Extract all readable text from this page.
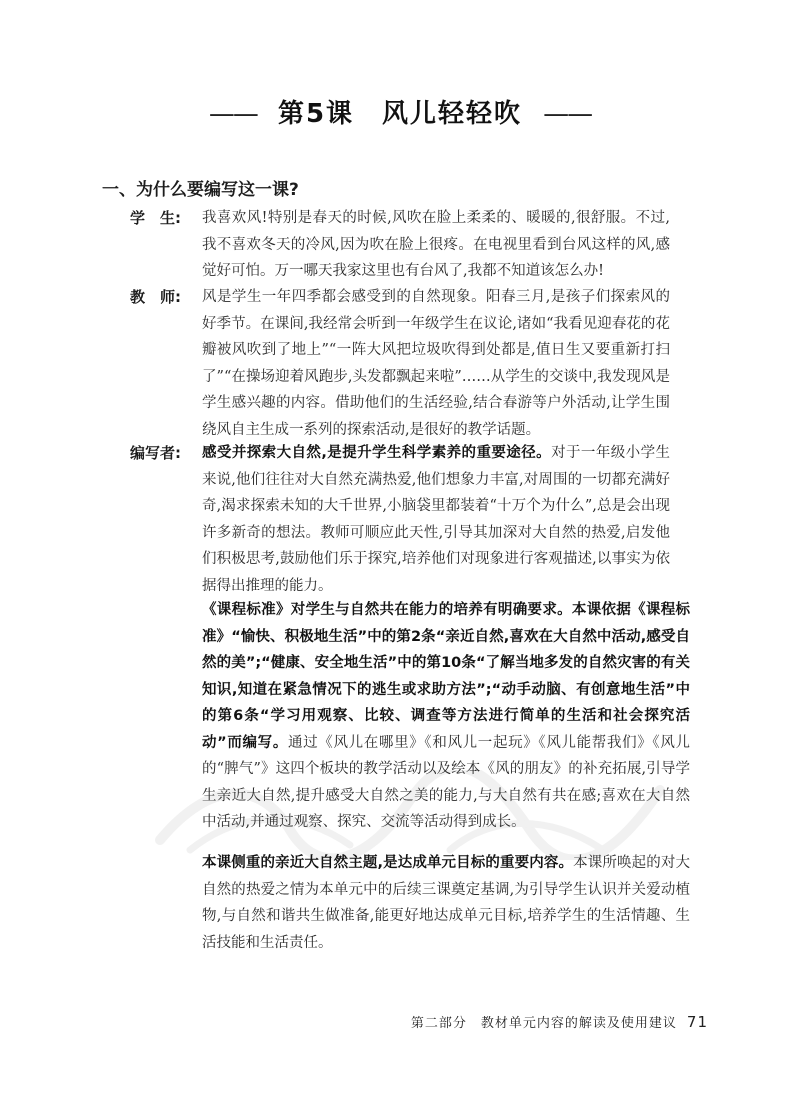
—— 第5课　风儿轻轻吹 ——
一、为什么要编写这一课?
学　生:	我喜欢风!特别是春天的时候,风吹在脸上柔柔的、暖暖的,很舒服。不过,我不喜欢冬天的冷风,因为吹在脸上很疼。在电视里看到台风这样的风,感觉好可怕。万一哪天我家这里也有台风了,我都不知道该怎么办!
教　师:	风是学生一年四季都会感受到的自然现象。阳春三月,是孩子们探索风的好季节。在课间,我经常会听到一年级学生在议论,诸如“我看见迎春花的花瓣被风吹到了地上”“一阵大风把垃圾吹得到处都是,值日生又要重新打扫了”“在操场迎着风跑步,头发都飘起来啦”……从学生的交谈中,我发现风是学生感兴趣的内容。借助他们的生活经验,结合春游等户外活动,让学生围绕风自主生成一系列的探索活动,是很好的教学话题。
编写者:	感受并探索大自然,是提升学生科学素养的重要途径。对于一年级小学生来说,他们往往对大自然充满热爱,他们想象力丰富,对周围的一切都充满好奇,渴求探索未知的大千世界,小脑袋里都装着“十万个为什么”,总是会出现许多新奇的想法。教师可顺应此天性,引导其加深对大自然的热爱,启发他们积极思考,鼓励他们乐于探究,培养他们对现象进行客观描述,以事实为依据得出推理的能力。
《课程标准》对学生与自然共在能力的培养有明确要求。本课依据《课程标准》“愉快、积极地生活”中的第2条“亲近自然,喜欢在大自然中活动,感受自然的美”;“健康、安全地生活”中的第10条“了解当地多发的自然灾害的有关知识,知道在紧急情况下的逃生或求助方法”;“动手动脑、有创意地生活”中的第6条“学习用观察、比较、调查等方法进行简单的生活和社会探究活动”而编写。通过《风儿在哪里》《和风儿一起玩》《风儿能帮我们》《风儿的“脾气”》这四个板块的教学活动以及绘本《风的朋友》的补充拓展,引导学生亲近大自然,提升感受大自然之美的能力,与大自然有共在感;喜欢在大自然中活动,并通过观察、探究、交流等活动得到成长。
本课侧重的亲近大自然主题,是达成单元目标的重要内容。本课所唤起的对大自然的热爱之情为本单元中的后续三课奠定基调,为引导学生认识并关爱动植物,与自然和谐共生做准备,能更好地达成单元目标,培养学生的生活情趣、生活技能和生活责任。
第二部分　教材单元内容的解读及使用建议 71
